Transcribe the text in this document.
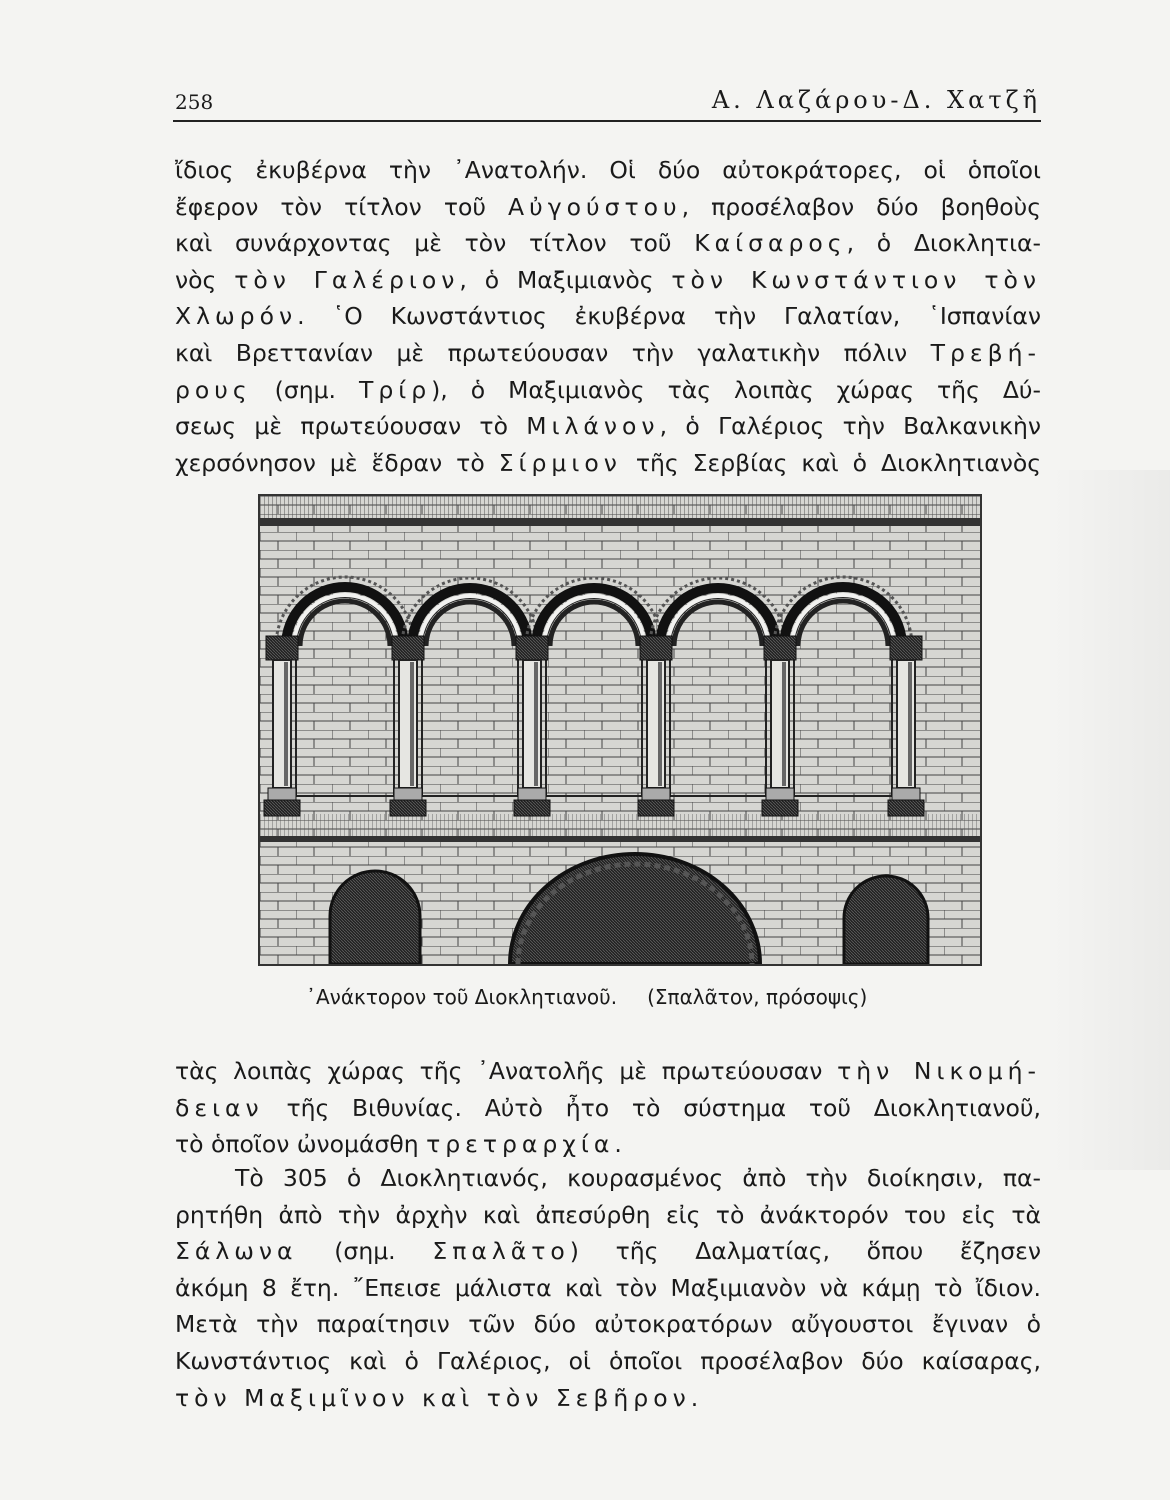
258	Α. Λαζάρου-Δ. Χατζῆ

ἴδιος ἐκυβέρνα τὴν ᾿Ανατολήν. Οἱ δύο αὐτοκράτορες, οἱ ὁποῖοι
ἔφερον τὸν τίτλον τοῦ Αὐγούστου, προσέλαβον δύο βοηθοὺς
καὶ συνάρχοντας μὲ τὸν τίτλον τοῦ Καίσαρος, ὁ Διοκλητια-
νὸς τὸν Γαλέριον, ὁ Μαξιμιανὸς τὸν Κωνστάντιον τὸν
Χλωρόν. ῾Ο Κωνστάντιος ἐκυβέρνα τὴν Γαλατίαν, ῾Ισπανίαν
καὶ Βρεττανίαν μὲ πρωτεύουσαν τὴν γαλατικὴν πόλιν Τρεβή-
ρους (σημ. Τρίρ), ὁ Μαξιμιανὸς τὰς λοιπὰς χώρας τῆς Δύ-
σεως μὲ πρωτεύουσαν τὸ Μιλάνον, ὁ Γαλέριος τὴν Βαλκανικὴν
χερσόνησον μὲ ἕδραν τὸ Σίρμιον τῆς Σερβίας καὶ ὁ Διοκλητιανὸς

᾿Ανάκτορον τοῦ Διοκλητιανοῦ. (Σπαλᾶτον, πρόσοψις)

τὰς λοιπὰς χώρας τῆς ᾿Ανατολῆς μὲ πρωτεύουσαν τὴν Νικομή-
δειαν τῆς Βιθυνίας. Αὐτὸ ἦτο τὸ σύστημα τοῦ Διοκλητιανοῦ,
τὸ ὁποῖον ὠνομάσθη τρετραρχία.

Τὸ 305 ὁ Διοκλητιανός, κουρασμένος ἀπὸ τὴν διοίκησιν, πα-
ρητήθη ἀπὸ τὴν ἀρχὴν καὶ ἀπεσύρθη εἰς τὸ ἀνάκτορόν του εἰς τὰ
Σάλωνα (σημ. Σπαλᾶτο) τῆς Δαλματίας, ὅπου ἔζησεν
ἀκόμη 8 ἔτη. ῎Επεισε μάλιστα καὶ τὸν Μαξιμιανὸν νὰ κάμῃ τὸ ἴδιον.
Μετὰ τὴν παραίτησιν τῶν δύο αὐτοκρατόρων αὔγουστοι ἔγιναν ὁ
Κωνστάντιος καὶ ὁ Γαλέριος, οἱ ὁποῖοι προσέλαβον δύο καίσαρας,
τὸν Μαξιμῖνον καὶ τὸν Σεβῆρον.
